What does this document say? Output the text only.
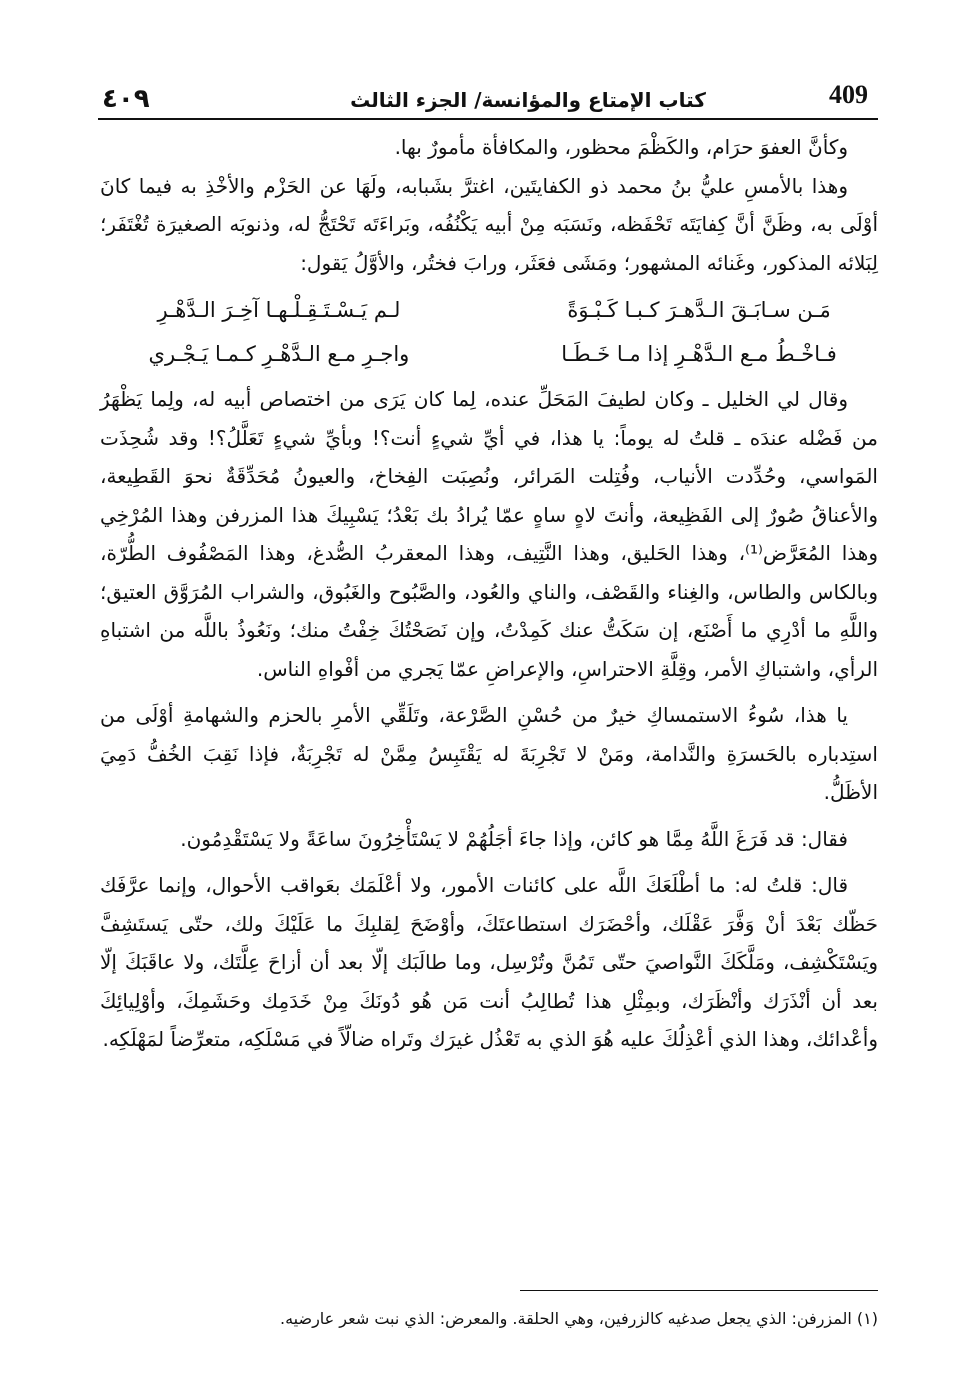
٤٠٩	كتاب الإمتاع والمؤانسة/ الجزء الثالث	409

وكأنَّ العفوَ حرَام، والكَظْمَ محظور، والمكافأة مأمورٌ بها.

وهذا بالأمسِ عليُّ بنُ محمد ذو الكفايتَين، اغترَّ بشَبابه، ولَهَا عن الحَزْم والأخْذِ به فيما كانَ أوْلَى به، وظَنَّ أنَّ كِفايَتَه تَحْفَظه، ونَسَبَه مِنْ أبيه يَكْنُفُه، وبَراءَتَه تَحْتَجُّ له، وذنوبَه الصغيرَة تُغْتَفَر؛ لِبَلائه المذكور، وغَنائه المشهور؛ ومَشَى فعَثَر، ورابَ فختُر، والأوَّلُ يَقول:

مَـن سـابَـقَ الـدَّهـرَ كـبـا كَـبْـوَةً
لـم يَـسْـتَـقِـلْـهـا آخِـرَ الـدَّهْـرِ
فـاخْـطُ مـع الـدَّهْـرِ إذا مـا خَـطَـا
واجـرِ مـع الـدَّهْـرِ كـمـا يَـجْـري

وقال لي الخليل ـ وكان لطيفَ المَحَلِّ عنده، لِما كان يَرَى من اختصاص أبيه له، ولِما يَظْهَرُ من فَضْله عندَه ـ قلتُ له يوماً: يا هذا، في أيِّ شيءٍ أنت؟! وبأيِّ شيءٍ تَعَلَّلُ؟! وقد شُحِذَت المَواسي، وحُدِّدت الأنياب، وفُتِلت المَرائر، ونُصِبَت الفِخاخ، والعيونُ مُحَدِّقَةٌ نحوَ القَطِيعة، والأعناقُ صُورٌ إلى الفَظِيعة، وأنتَ لاهٍ ساهٍ عمّا يُرادُ بك بَعْدُ؛ يَسْبِيكَ هذا المزرفن وهذا المُرْخِي وهذا المُعَرَّض⁽¹⁾، وهذا الحَليق، وهذا النَّتِيف، وهذا المعقربُ الصُّدغ، وهذا المَصْفُوف الطُّرّة، وبالكاس والطاس، والغِناء والقَصْف، والناي والعُود، والصَّبُوح والغَبُوق، والشراب المُرَوَّق العتيق؛ واللَّهِ ما أدْرِي ما أَصْنَع، إن سَكَتُّ عنك كَمِدْتُ، وإن نَصَحْتُكَ خِفْتُ منك؛ ونَعُوذُ باللَّه من اشتباهِ الرأي، واشتباكِ الأمر، وقِلَّةِ الاحتراسِ، والإعراضِ عمّا يَجري من أفْواهِ الناس.

يا هذا، سُوءُ الاستمساكِ خيرٌ من حُسْنِ الصَّرْعة، وتَلَقِّي الأمرِ بالحزم والشهامةِ أوْلَى من استِدباره بالحَسرَةِ والنَّدامة، ومَنْ لا تَجْرِبَةَ له يَقْتَبِسُ مِمَّنْ له تَجْرِبَةٌ، فإذا نَقِبَ الخُفُّ دَمِيَ الأظَلُّ.

فقال: قد فَرَغَ اللَّهُ مِمَّا هو كائن، وإذا جاءَ أجَلُهُمْ لا يَسْتَأْخِرُونَ ساعَةً ولا يَسْتَقْدِمُون.

قال: قلتُ له: ما أطْلَعَكَ اللَّه على كائنات الأمور، ولا أعْلَمَك بعَواقب الأحوال، وإنما عرَّفَك حَظّك بَعْدَ أنْ وَفَّرَ عَقْلَك، وأحْضَرَك استطاعتَكَ، وأوْضَحَ لِقلبِكَ ما عَلَيْكَ ولك، حتّى يَستَشِفَّ ويَسْتَكْشِف، ومَلَّكَكَ النَّواصيَ حتّى تَمُنَّ وتُرْسِل، وما طالَبَك إلّا بعد أن أزاحَ عِلَّتَك، ولا عاقَبَكَ إلّا بعد أن أنْذَرَك وأنْظَرَك، وبمِثْلِ هذا تُطالِبُ أنت مَن هُو دُونَكَ مِنْ خَدَمِك وحَشَمِكَ، وأوْلِيائِكَ وأعْدائك، وهذا الذي أعْذِلُكَ عليه هُوَ الذي به تَعْذُل غيرَك وتَراه ضالّاً في مَسْلَكِه، متعرِّضاً لمَهْلَكِه.

(١) المزرفن: الذي يجعل صدغيه كالزرفين، وهي الحلقة. والمعرض: الذي نبت شعر عارضيه.
